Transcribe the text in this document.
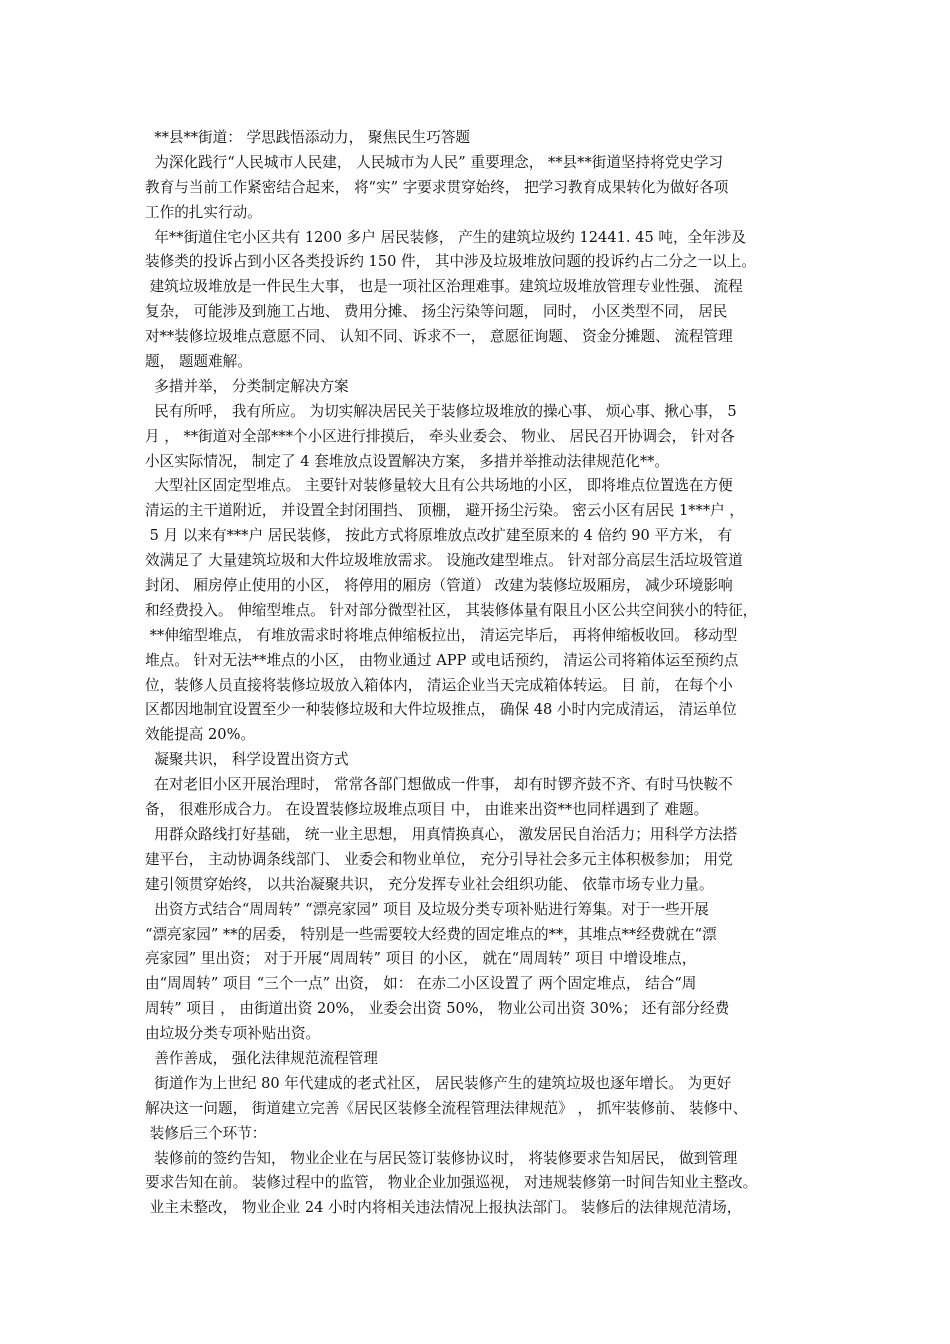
**县**街道： 学思践悟添动力， 聚焦民生巧答题
为深化践行“人民城市人民建， 人民城市为人民” 重要理念， **县**街道坚持将党史学习
教育与当前工作紧密结合起来， 将“实” 字要求贯穿始终， 把学习教育成果转化为做好各项
工作的扎实行动。
年**街道住宅小区共有 1200 多户 居民装修， 产生的建筑垃圾约 12441. 45 吨，全年涉及
装修类的投诉占到小区各类投诉约 150 件， 其中涉及垃圾堆放问题的投诉约占二分之一以上。
建筑垃圾堆放是一件民生大事， 也是一项社区治理难事。建筑垃圾堆放管理专业性强、 流程
复杂， 可能涉及到施工占地、 费用分摊、 扬尘污染等问题， 同时， 小区类型不同， 居民
对**装修垃圾堆点意愿不同、 认知不同、诉求不一， 意愿征询题、 资金分摊题、 流程管理
题， 题题难解。
多措并举， 分类制定解决方案
民有所呼， 我有所应。 为切实解决居民关于装修垃圾堆放的操心事、 烦心事、揪心事， 5
月 ， **街道对全部***个小区进行排摸后， 牵头业委会、 物业、 居民召开协调会， 针对各
小区实际情况， 制定了 4 套堆放点设置解决方案， 多措并举推动法律规范化**。
大型社区固定型堆点。 主要针对装修量较大且有公共场地的小区， 即将堆点位置选在方便
清运的主干道附近， 并设置全封闭围挡、 顶棚， 避开扬尘污染。 密云小区有居民 1***户 ，
5 月 以来有***户 居民装修， 按此方式将原堆放点改扩建至原来的 4 倍约 90 平方米， 有
效满足了 大量建筑垃圾和大件垃圾堆放需求。 设施改建型堆点。 针对部分高层生活垃圾管道
封闭、 厢房停止使用的小区， 将停用的厢房（管道） 改建为装修垃圾厢房， 减少环境影响
和经费投入。 伸缩型堆点。 针对部分微型社区， 其装修体量有限且小区公共空间狭小的特征，
**伸缩型堆点， 有堆放需求时将堆点伸缩板拉出， 清运完毕后， 再将伸缩板收回。 移动型
堆点。 针对无法**堆点的小区， 由物业通过 APP 或电话预约， 清运公司将箱体运至预约点
位，装修人员直接将装修垃圾放入箱体内， 清运企业当天完成箱体转运。 目 前， 在每个小
区都因地制宜设置至少一种装修垃圾和大件垃圾推点， 确保 48 小时内完成清运， 清运单位
效能提高 20%。
凝聚共识， 科学设置出资方式
在对老旧小区开展治理时， 常常各部门想做成一件事， 却有时锣齐鼓不齐、有时马快鞍不
备， 很难形成合力。 在设置装修垃圾堆点项目 中， 由谁来出资**也同样遇到了 难题。
用群众路线打好基础， 统一业主思想， 用真情换真心， 激发居民自治活力；用科学方法搭
建平台， 主动协调条线部门、 业委会和物业单位， 充分引导社会多元主体积极参加； 用党
建引领贯穿始终， 以共治凝聚共识， 充分发挥专业社会组织功能、 依靠市场专业力量。
出资方式结合“周周转” “漂亮家园” 项目 及垃圾分类专项补贴进行筹集。对于一些开展
“漂亮家园” **的居委， 特别是一些需要较大经费的固定堆点的**，其堆点**经费就在“漂
亮家园” 里出资； 对于开展“周周转” 项目 的小区， 就在“周周转” 项目 中增设堆点，
由“周周转” 项目 “三个一点” 出资， 如： 在赤二小区设置了 两个固定堆点， 结合“周
周转” 项目 ， 由街道出资 20%， 业委会出资 50%， 物业公司出资 30%； 还有部分经费
由垃圾分类专项补贴出资。
善作善成， 强化法律规范流程管理
街道作为上世纪 80 年代建成的老式社区， 居民装修产生的建筑垃圾也逐年增长。 为更好
解决这一问题， 街道建立完善《居民区装修全流程管理法律规范》 ， 抓牢装修前、 装修中、
装修后三个环节：
装修前的签约告知， 物业企业在与居民签订装修协议时， 将装修要求告知居民， 做到管理
要求告知在前。 装修过程中的监管， 物业企业加强巡视， 对违规装修第一时间告知业主整改。
业主未整改， 物业企业 24 小时内将相关违法情况上报执法部门。 装修后的法律规范清场，
